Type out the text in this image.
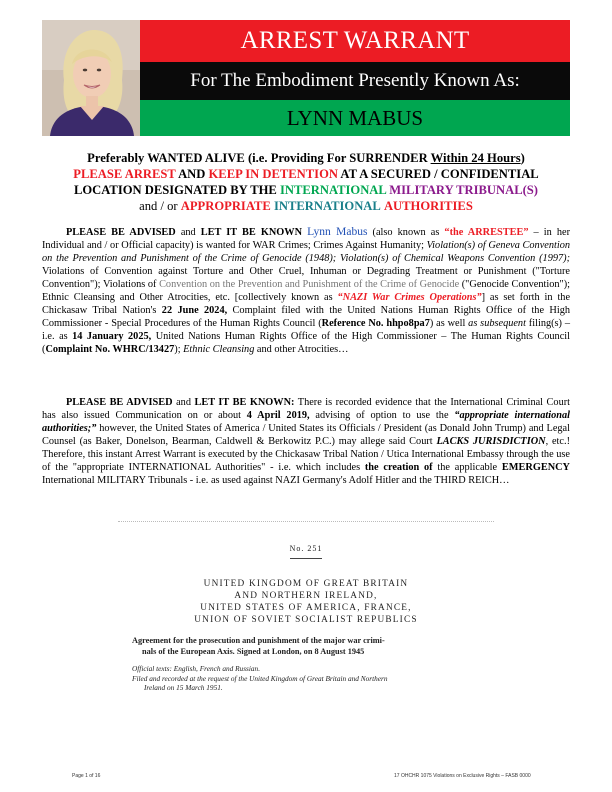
ARREST WARRANT
For The Embodiment Presently Known As:
LYNN MABUS
Preferably WANTED ALIVE (i.e. Providing For SURRENDER Within 24 Hours)
PLEASE ARREST AND KEEP IN DETENTION AT A SECURED / CONFIDENTIAL
LOCATION DESIGNATED BY THE INTERNATIONAL MILITARY TRIBUNAL(S)
and / or APPROPRIATE INTERNATIONAL AUTHORITIES
PLEASE BE ADVISED and LET IT BE KNOWN Lynn Mabus (also known as “the ARRESTEE” – in her Individual and / or Official capacity) is wanted for WAR Crimes; Crimes Against Humanity; Violation(s) of Geneva Convention on the Prevention and Punishment of the Crime of Genocide (1948); Violation(s) of Chemical Weapons Convention (1997); Violations of Convention against Torture and Other Cruel, Inhuman or Degrading Treatment or Punishment ("Torture Convention"); Violations of Convention on the Prevention and Punishment of the Crime of Genocide ("Genocide Convention"); Ethnic Cleansing and Other Atrocities, etc. [collectively known as “NAZI War Crimes Operations”] as set forth in the Chickasaw Tribal Nation's 22 June 2024, Complaint filed with the United Nations Human Rights Office of the High Commissioner - Special Procedures of the Human Rights Council (Reference No. hhpo8pa7) as well as subsequent filing(s) – i.e. as 14 January 2025, United Nations Human Rights Office of the High Commissioner – The Human Rights Council (Complaint No. WHRC/13427); Ethnic Cleansing and other Atrocities…
PLEASE BE ADVISED and LET IT BE KNOWN: There is recorded evidence that the International Criminal Court has also issued Communication on or about 4 April 2019, advising of option to use the “appropriate international authorities;” however, the United States of America / United States its Officials / President (as Donald John Trump) and Legal Counsel (as Baker, Donelson, Bearman, Caldwell & Berkowitz P.C.) may allege said Court LACKS JURISDICTION, etc.! Therefore, this instant Arrest Warrant is executed by the Chickasaw Tribal Nation / Utica International Embassy through the use of the "appropriate INTERNATIONAL Authorities" - i.e. which includes the creation of the applicable EMERGENCY International MILITARY Tribunals - i.e. as used against NAZI Germany's Adolf Hitler and the THIRD REICH…
No. 251
UNITED KINGDOM OF GREAT BRITAIN
AND NORTHERN IRELAND,
UNITED STATES OF AMERICA, FRANCE,
UNION OF SOVIET SOCIALIST REPUBLICS
Agreement for the prosecution and punishment of the major war crimi-
nals of the European Axis. Signed at London, on 8 August 1945
Official texts: English, French and Russian.
Filed and recorded at the request of the United Kingdom of Great Britain and Northern
Ireland on 15 March 1951.
Page 1 of 16	17 OHCHR 1075 Violations on Exclusive Rights – FASB 0000
